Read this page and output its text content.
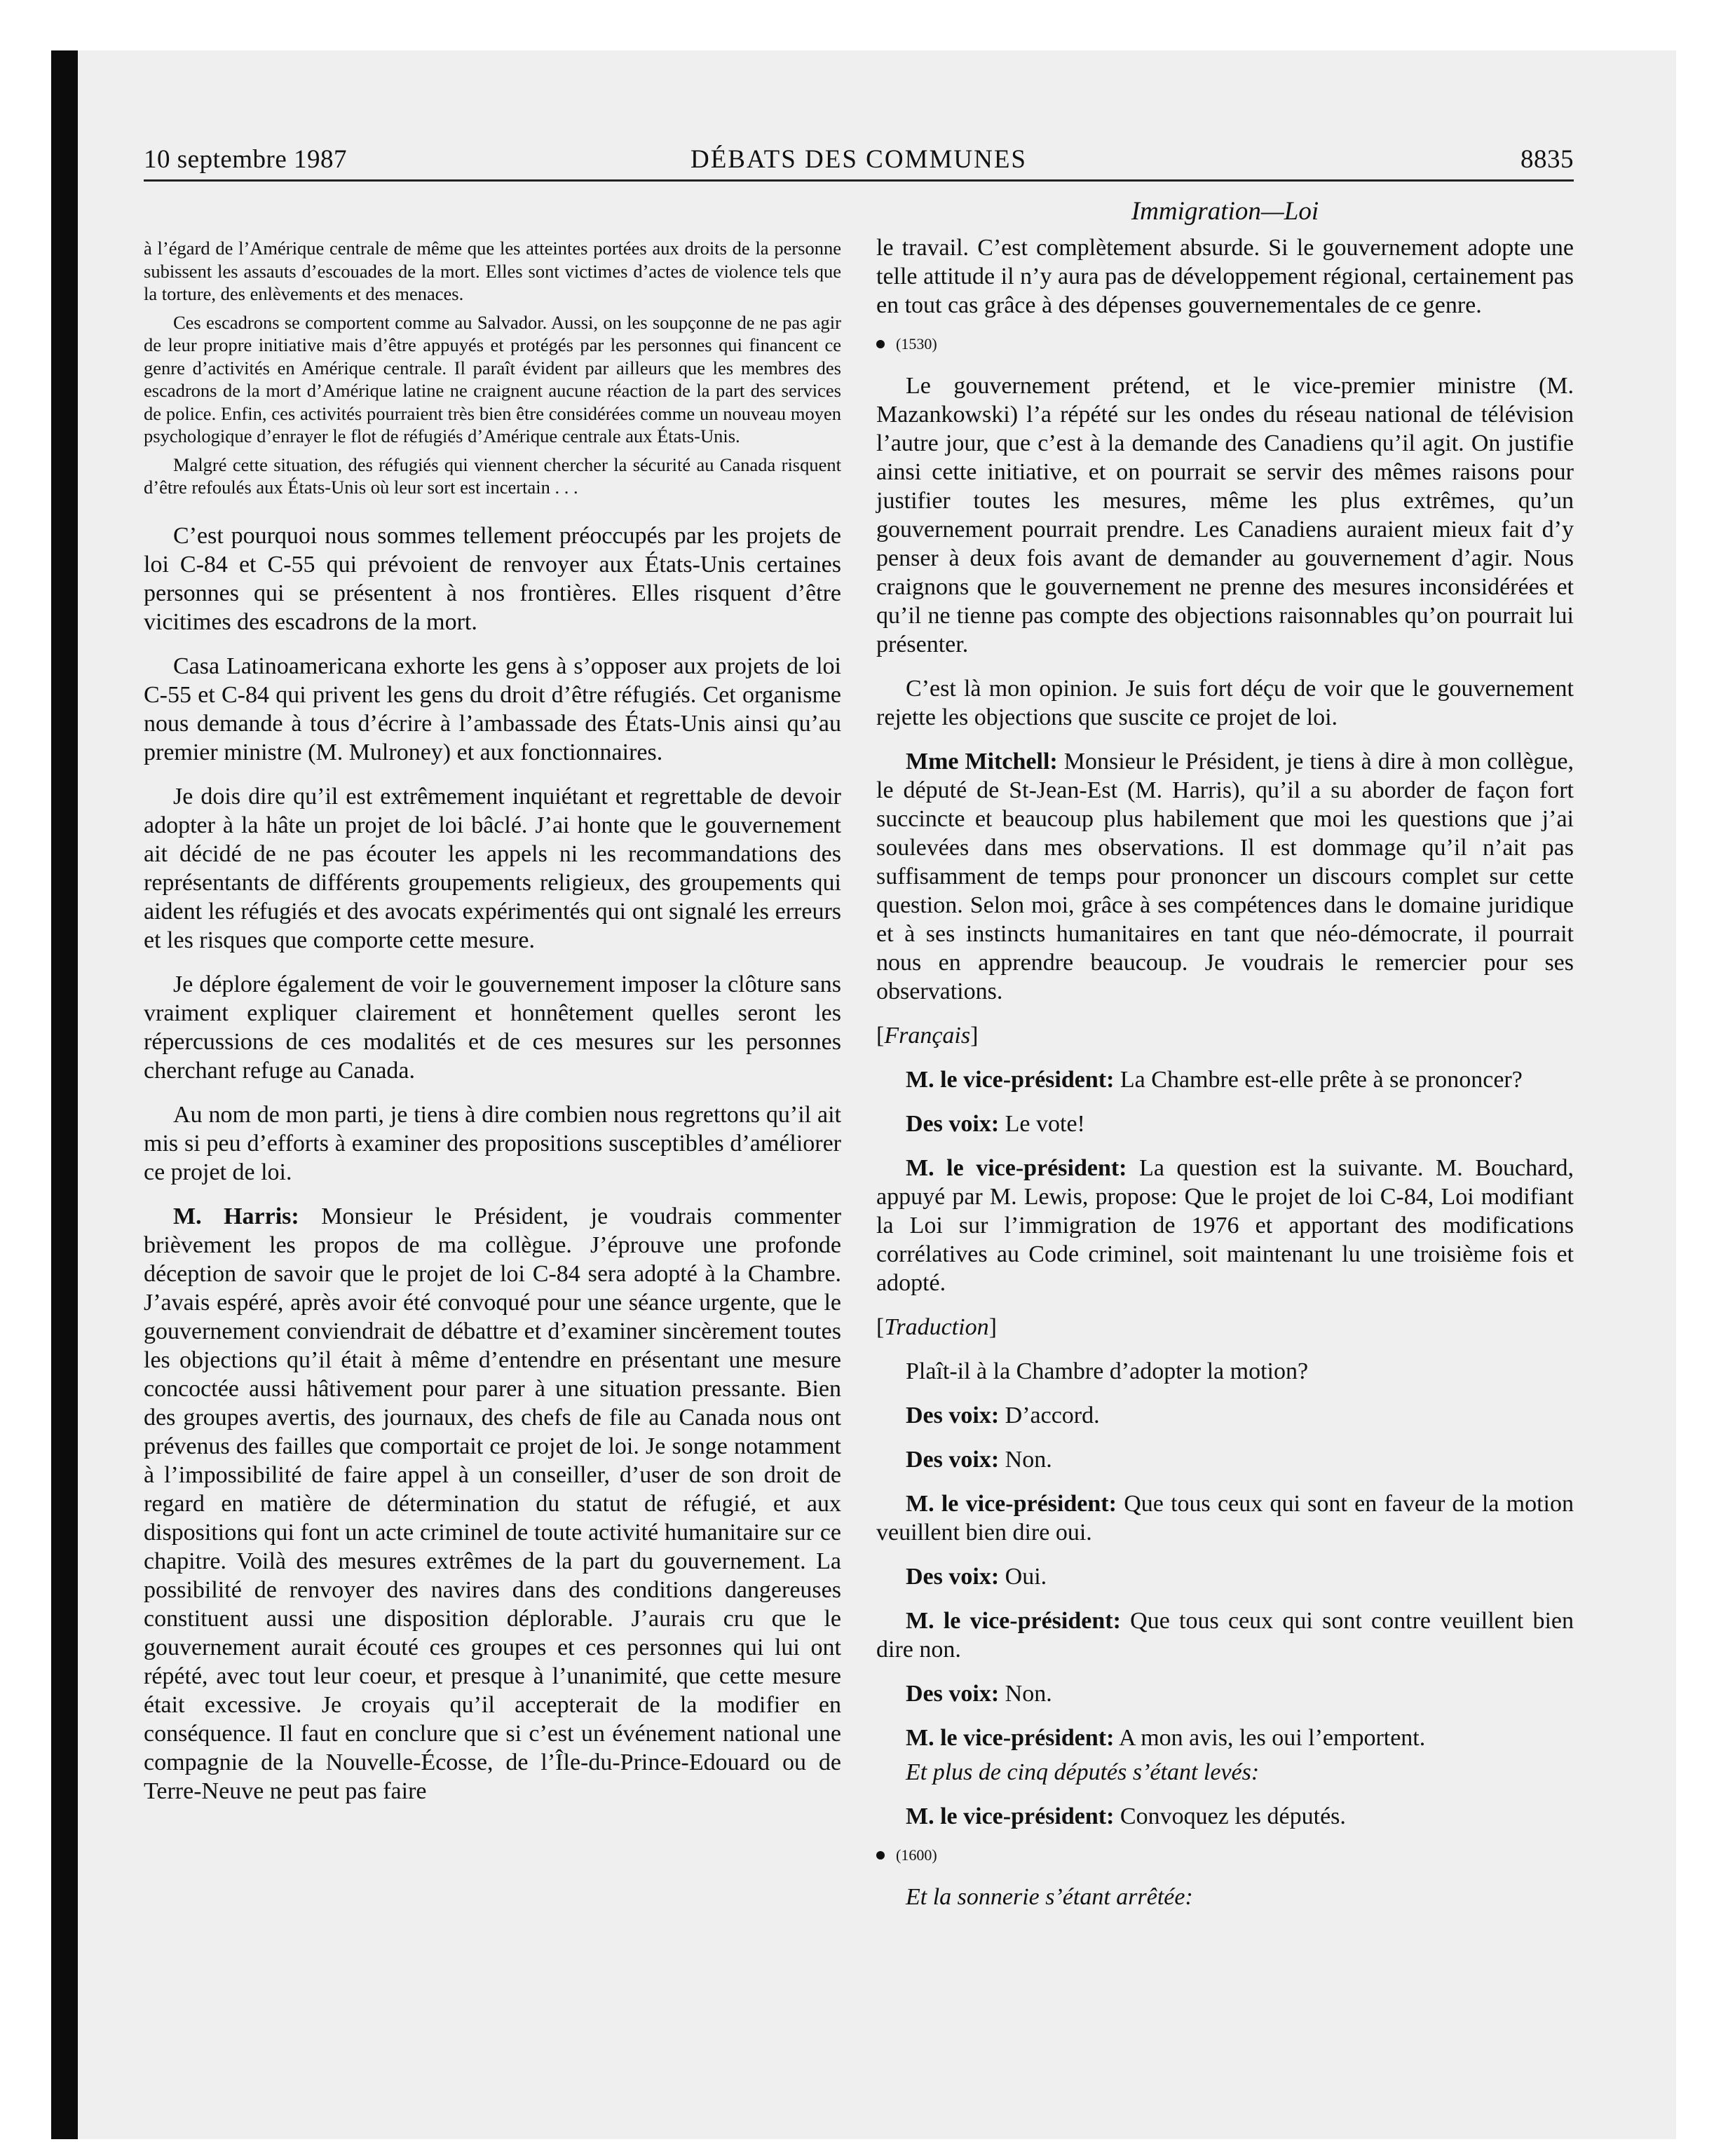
10 septembre 1987	DÉBATS DES COMMUNES	8835

à l’égard de l’Amérique centrale de même que les atteintes portées aux droits de la personne subissent les assauts d’escouades de la mort. Elles sont victimes d’actes de violence tels que la torture, des enlèvements et des menaces.

Ces escadrons se comportent comme au Salvador. Aussi, on les soupçonne de ne pas agir de leur propre initiative mais d’être appuyés et protégés par les personnes qui financent ce genre d’activités en Amérique centrale. Il paraît évident par ailleurs que les membres des escadrons de la mort d’Amérique latine ne craignent aucune réaction de la part des services de police. Enfin, ces activités pourraient très bien être considérées comme un nouveau moyen psychologique d’enrayer le flot de réfugiés d’Amérique centrale aux États-Unis.

Malgré cette situation, des réfugiés qui viennent chercher la sécurité au Canada risquent d’être refoulés aux États-Unis où leur sort est incertain . . .

C’est pourquoi nous sommes tellement préoccupés par les projets de loi C-84 et C-55 qui prévoient de renvoyer aux États-Unis certaines personnes qui se présentent à nos frontières. Elles risquent d’être vicitimes des escadrons de la mort.

Casa Latinoamericana exhorte les gens à s’opposer aux projets de loi C-55 et C-84 qui privent les gens du droit d’être réfugiés. Cet organisme nous demande à tous d’écrire à l’ambassade des États-Unis ainsi qu’au premier ministre (M. Mulroney) et aux fonctionnaires.

Je dois dire qu’il est extrêmement inquiétant et regrettable de devoir adopter à la hâte un projet de loi bâclé. J’ai honte que le gouvernement ait décidé de ne pas écouter les appels ni les recommandations des représentants de différents groupements religieux, des groupements qui aident les réfugiés et des avocats expérimentés qui ont signalé les erreurs et les risques que comporte cette mesure.

Je déplore également de voir le gouvernement imposer la clôture sans vraiment expliquer clairement et honnêtement quelles seront les répercussions de ces modalités et de ces mesures sur les personnes cherchant refuge au Canada.

Au nom de mon parti, je tiens à dire combien nous regrettons qu’il ait mis si peu d’efforts à examiner des propositions susceptibles d’améliorer ce projet de loi.

M. Harris: Monsieur le Président, je voudrais commenter brièvement les propos de ma collègue. J’éprouve une profonde déception de savoir que le projet de loi C-84 sera adopté à la Chambre. J’avais espéré, après avoir été convoqué pour une séance urgente, que le gouvernement conviendrait de débattre et d’examiner sincèrement toutes les objections qu’il était à même d’entendre en présentant une mesure concoctée aussi hâtivement pour parer à une situation pressante. Bien des groupes avertis, des journaux, des chefs de file au Canada nous ont prévenus des failles que comportait ce projet de loi. Je songe notamment à l’impossibilité de faire appel à un conseiller, d’user de son droit de regard en matière de détermination du statut de réfugié, et aux dispositions qui font un acte criminel de toute activité humanitaire sur ce chapitre. Voilà des mesures extrêmes de la part du gouvernement. La possibilité de renvoyer des navires dans des conditions dangereuses constituent aussi une disposition déplorable. J’aurais cru que le gouvernement aurait écouté ces groupes et ces personnes qui lui ont répété, avec tout leur coeur, et presque à l’unanimité, que cette mesure était excessive. Je croyais qu’il accepterait de la modifier en conséquence. Il faut en conclure que si c’est un événement national une compagnie de la Nouvelle-Écosse, de l’Île-du-Prince-Edouard ou de Terre-Neuve ne peut pas faire

Immigration—Loi

le travail. C’est complètement absurde. Si le gouvernement adopte une telle attitude il n’y aura pas de développement régional, certainement pas en tout cas grâce à des dépenses gouvernementales de ce genre.

(1530)

Le gouvernement prétend, et le vice-premier ministre (M. Mazankowski) l’a répété sur les ondes du réseau national de télévision l’autre jour, que c’est à la demande des Canadiens qu’il agit. On justifie ainsi cette initiative, et on pourrait se servir des mêmes raisons pour justifier toutes les mesures, même les plus extrêmes, qu’un gouvernement pourrait prendre. Les Canadiens auraient mieux fait d’y penser à deux fois avant de demander au gouvernement d’agir. Nous craignons que le gouvernement ne prenne des mesures inconsidérées et qu’il ne tienne pas compte des objections raisonnables qu’on pourrait lui présenter.

C’est là mon opinion. Je suis fort déçu de voir que le gouvernement rejette les objections que suscite ce projet de loi.

Mme Mitchell: Monsieur le Président, je tiens à dire à mon collègue, le député de St-Jean-Est (M. Harris), qu’il a su aborder de façon fort succincte et beaucoup plus habilement que moi les questions que j’ai soulevées dans mes observations. Il est dommage qu’il n’ait pas suffisamment de temps pour prononcer un discours complet sur cette question. Selon moi, grâce à ses compétences dans le domaine juridique et à ses instincts humanitaires en tant que néo-démocrate, il pourrait nous en apprendre beaucoup. Je voudrais le remercier pour ses observations.

[Français]

M. le vice-président: La Chambre est-elle prête à se prononcer?

Des voix: Le vote!

M. le vice-président: La question est la suivante. M. Bouchard, appuyé par M. Lewis, propose: Que le projet de loi C-84, Loi modifiant la Loi sur l’immigration de 1976 et apportant des modifications corrélatives au Code criminel, soit maintenant lu une troisième fois et adopté.

[Traduction]

Plaît-il à la Chambre d’adopter la motion?

Des voix: D’accord.

Des voix: Non.

M. le vice-président: Que tous ceux qui sont en faveur de la motion veuillent bien dire oui.

Des voix: Oui.

M. le vice-président: Que tous ceux qui sont contre veuillent bien dire non.

Des voix: Non.

M. le vice-président: A mon avis, les oui l’emportent.

Et plus de cinq députés s’étant levés:

M. le vice-président: Convoquez les députés.

(1600)

Et la sonnerie s’étant arrêtée:
